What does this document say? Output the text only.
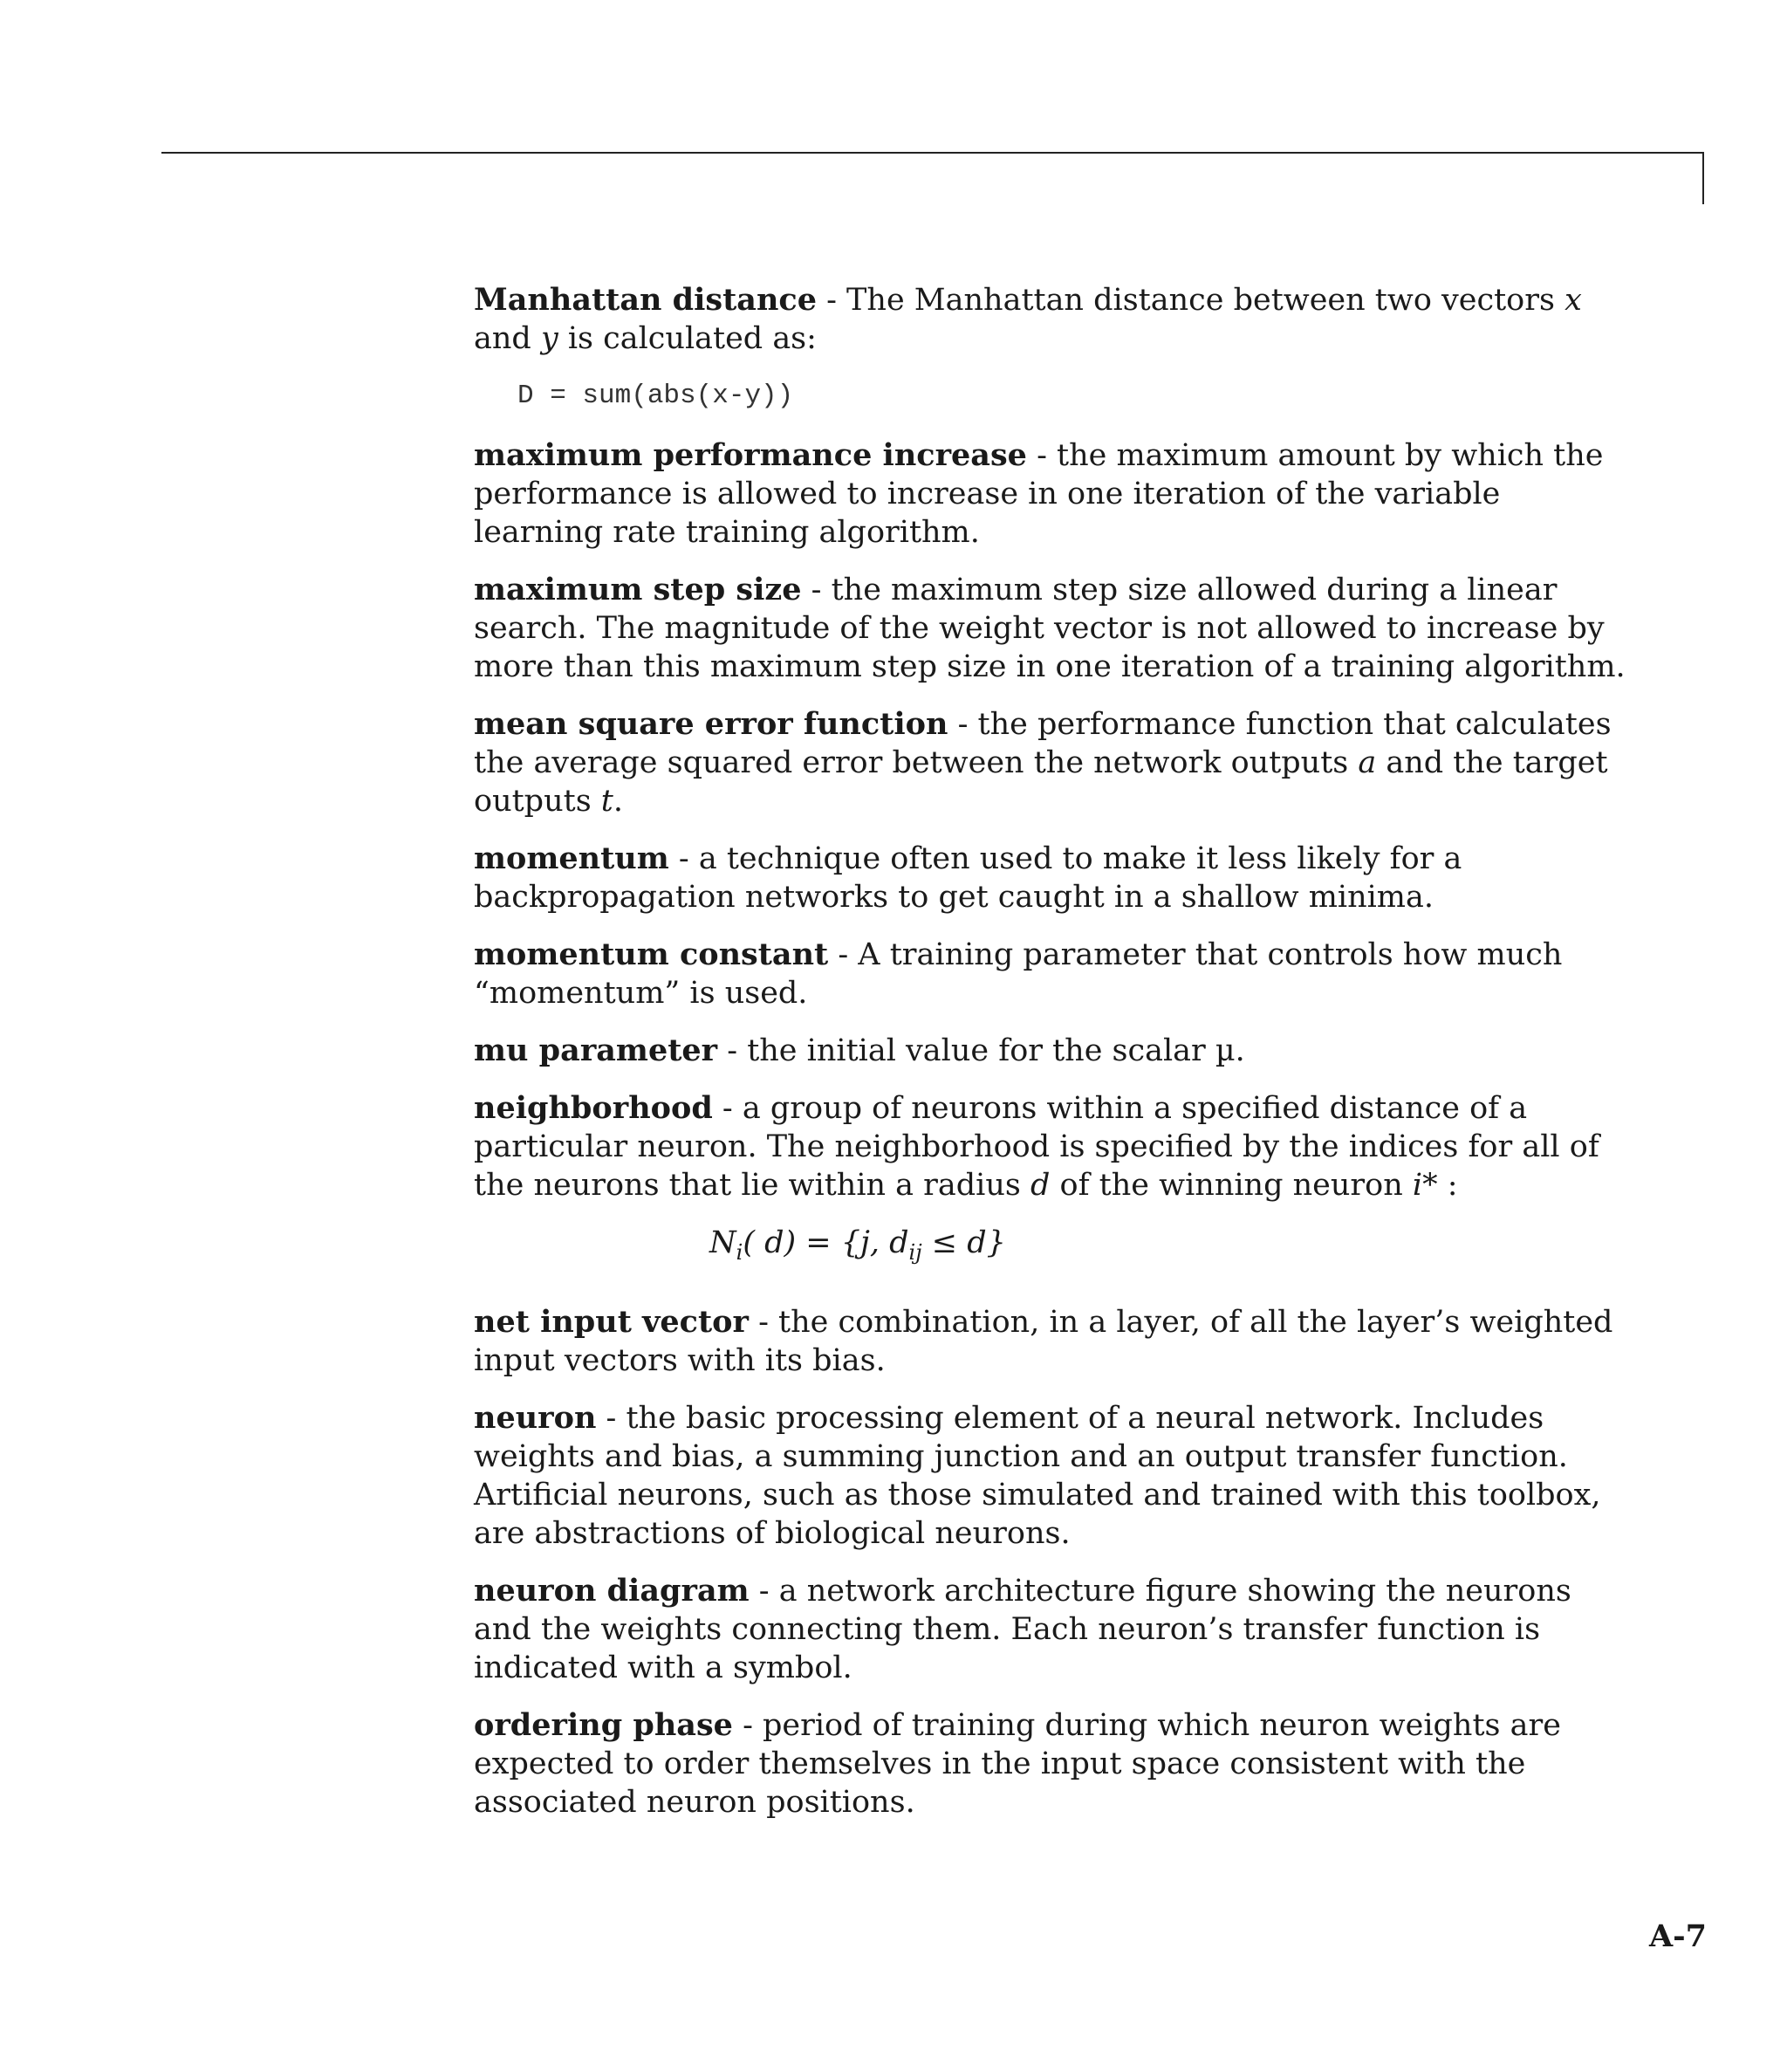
Manhattan distance - The Manhattan distance between two vectors x and y is calculated as:

D = sum(abs(x-y))

maximum performance increase - the maximum amount by which the performance is allowed to increase in one iteration of the variable learning rate training algorithm.

maximum step size - the maximum step size allowed during a linear search. The magnitude of the weight vector is not allowed to increase by more than this maximum step size in one iteration of a training algorithm.

mean square error function - the performance function that calculates the average squared error between the network outputs a and the target outputs t.

momentum - a technique often used to make it less likely for a backpropagation networks to get caught in a shallow minima.

momentum constant - A training parameter that controls how much “momentum” is used.

mu parameter - the initial value for the scalar µ.

neighborhood - a group of neurons within a specified distance of a particular neuron. The neighborhood is specified by the indices for all of the neurons that lie within a radius d of the winning neuron i* :

$N_i$( d) = {j, $d_{ij} \le d$}

net input vector - the combination, in a layer, of all the layer’s weighted input vectors with its bias.

neuron - the basic processing element of a neural network. Includes weights and bias, a summing junction and an output transfer function. Artificial neurons, such as those simulated and trained with this toolbox, are abstractions of biological neurons.

neuron diagram - a network architecture figure showing the neurons and the weights connecting them. Each neuron’s transfer function is indicated with a symbol.

ordering phase - period of training during which neuron weights are expected to order themselves in the input space consistent with the associated neuron positions.

A-7
